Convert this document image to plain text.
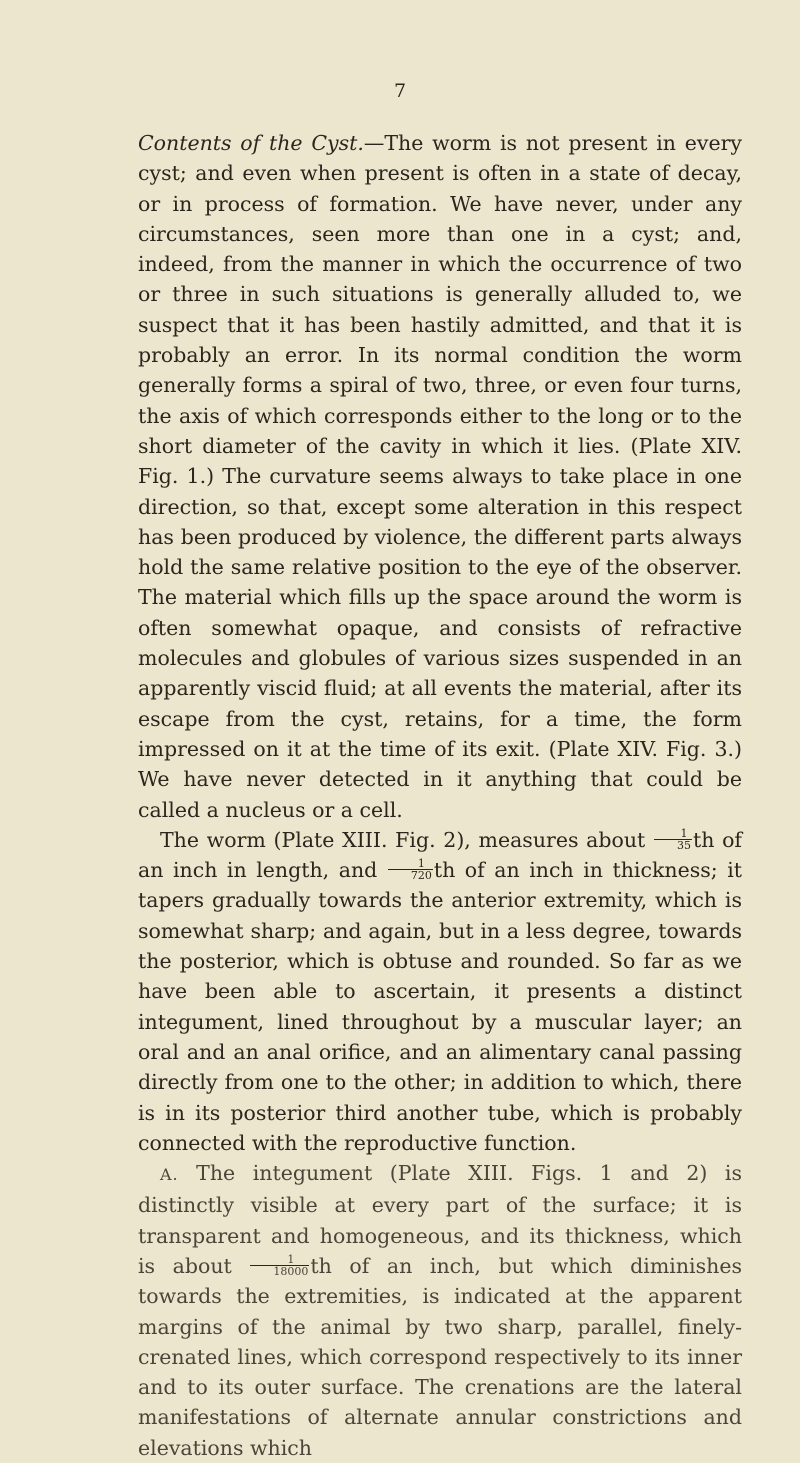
7

Contents of the Cyst.—The worm is not present in every cyst; and even when present is often in a state of decay, or in process of formation. We have never, under any circumstances, seen more than one in a cyst; and, indeed, from the manner in which the occurrence of two or three in such situations is generally alluded to, we suspect that it has been hastily admitted, and that it is probably an error. In its normal condition the worm generally forms a spiral of two, three, or even four turns, the axis of which corresponds either to the long or to the short diameter of the cavity in which it lies. (Plate XIV. Fig. 1.) The curvature seems always to take place in one direction, so that, except some alteration in this respect has been produced by violence, the different parts always hold the same relative position to the eye of the observer. The material which fills up the space around the worm is often somewhat opaque, and consists of refractive molecules and globules of various sizes suspended in an apparently viscid fluid; at all events the material, after its escape from the cyst, retains, for a time, the form impressed on it at the time of its exit. (Plate XIV. Fig. 3.) We have never detected in it anything that could be called a nucleus or a cell.

The worm (Plate XIII. Fig. 2), measures about $\frac{1}{35}$ th of an inch in length, and $\frac{1}{720}$ th of an inch in thickness; it tapers gradually towards the anterior extremity, which is somewhat sharp; and again, but in a less degree, towards the posterior, which is obtuse and rounded. So far as we have been able to ascertain, it presents a distinct integument, lined throughout by a muscular layer; an oral and an anal orifice, and an alimentary canal passing directly from one to the other; in addition to which, there is in its posterior third another tube, which is probably connected with the reproductive function.

A. The integument (Plate XIII. Figs. 1 and 2) is distinctly visible at every part of the surface; it is transparent and homogeneous, and its thickness, which is about $\frac{1}{18000}$ th of an inch, but which diminishes towards the extremities, is indicated at the apparent margins of the animal by two sharp, parallel, finely-crenated lines, which correspond respectively to its inner and to its outer surface. The crenations are the lateral manifestations of alternate annular constrictions and elevations which
